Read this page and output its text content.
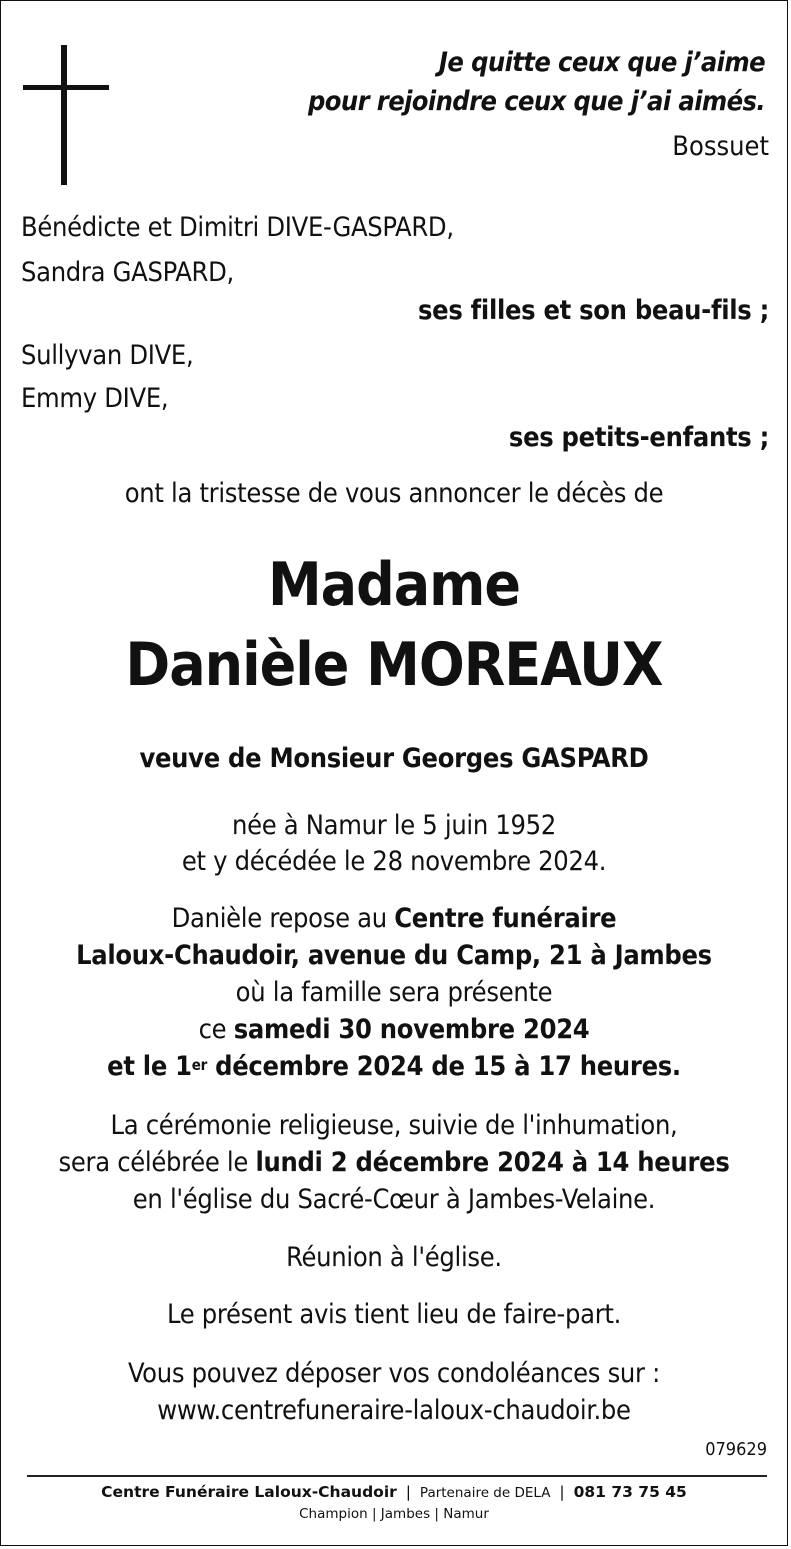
Je quitte ceux que j’aime
pour rejoindre ceux que j’ai aimés.
Bossuet
Bénédicte et Dimitri DIVE-GASPARD,
Sandra GASPARD,
ses filles et son beau-fils ;
Sullyvan DIVE,
Emmy DIVE,
ses petits-enfants ;
ont la tristesse de vous annoncer le décès de
Madame
Danièle MOREAUX
veuve de Monsieur Georges GASPARD
née à Namur le 5 juin 1952
et y décédée le 28 novembre 2024.
Danièle repose au Centre funéraire
Laloux-Chaudoir, avenue du Camp, 21 à Jambes
où la famille sera présente
ce samedi 30 novembre 2024
et le 1er décembre 2024 de 15 à 17 heures.
La cérémonie religieuse, suivie de l'inhumation,
sera célébrée le lundi 2 décembre 2024 à 14 heures
en l'église du Sacré-Cœur à Jambes-Velaine.
Réunion à l'église.
Le présent avis tient lieu de faire-part.
Vous pouvez déposer vos condoléances sur :
www.centrefuneraire-laloux-chaudoir.be
079629
Centre Funéraire Laloux-Chaudoir | Partenaire de DELA | 081 73 75 45
Champion | Jambes | Namur
